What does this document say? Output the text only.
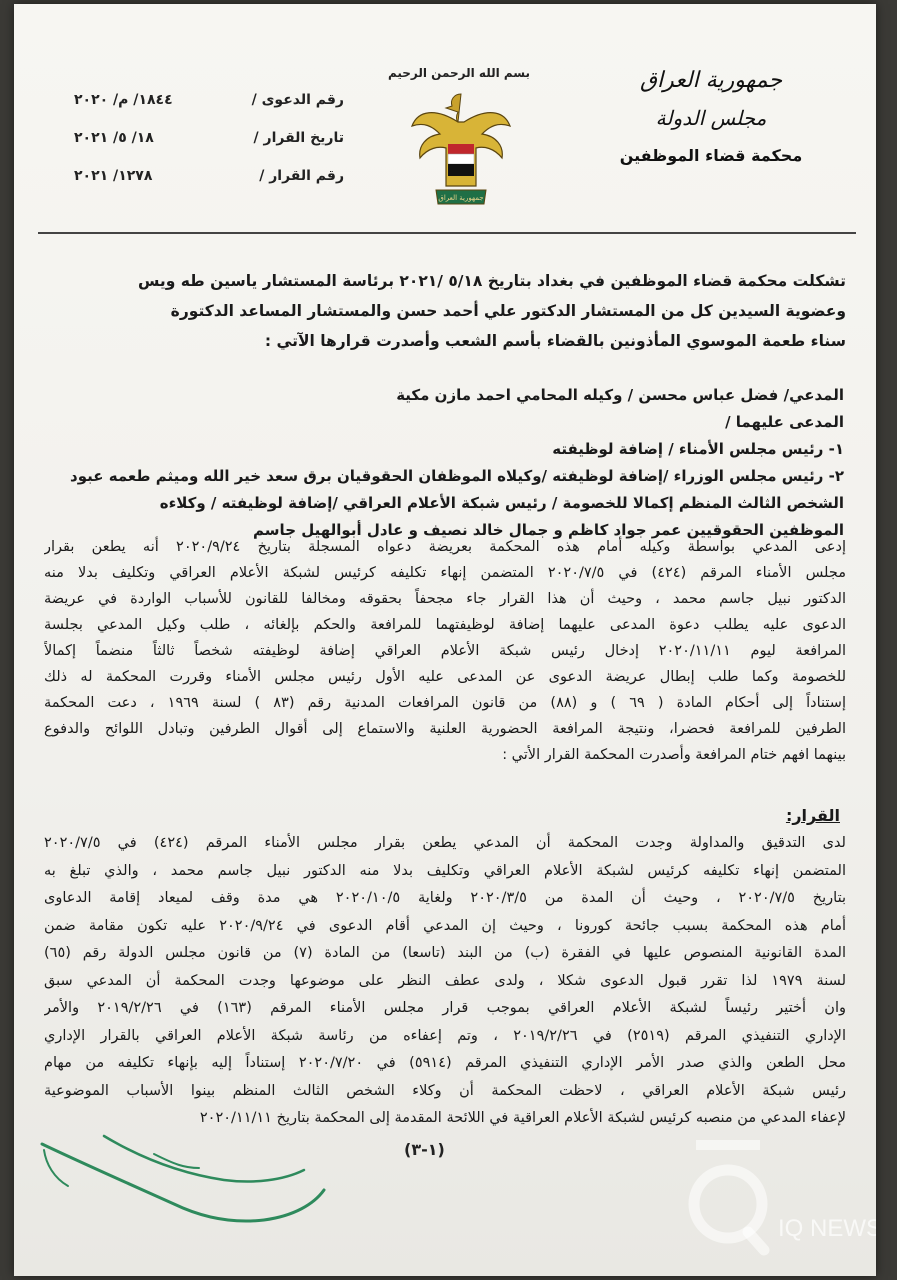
جمهورية العراق
مجلس الدولة
محكمة قضاء الموظفين
بسم الله الرحمن الرحيم
جمهورية العراق
رقم الدعوى /
١٨٤٤/ م/ ٢٠٢٠
تاريخ القرار /
١٨/ ٥/ ٢٠٢١
رقم القرار /
١٢٧٨/ ٢٠٢١
تشكلت محكمة قضاء الموظفين في بغداد بتاريخ ٥/١٨ /٢٠٢١ برئاسة المستشار ياسين طه ويس
وعضوية السيدين كل من المستشار الدكتور علي أحمد حسن والمستشار المساعد الدكتورة
سناء طعمة الموسوي المأذونين بالقضاء بأسم الشعب وأصدرت قرارها الآتي :
المدعي/ فضل عباس محسن / وكيله المحامي احمد مازن مكية
المدعى عليهما /
١- رئيس مجلس الأمناء / إضافة لوظيفته
٢- رئيس مجلس الوزراء /إضافة لوظيفته /وكيلاه الموظفان الحقوقيان برق سعد خير الله وميثم طعمه عبود
الشخص الثالث المنظم إكمالا للخصومة / رئيس شبكة الأعلام العراقي /إضافة لوظيفته / وكلاءه
الموظفين الحقوقيين عمر جواد كاظم و جمال خالد نصيف و عادل أبوالهيل جاسم
إدعى المدعي بواسطة وكيله أمام هذه المحكمة بعريضة دعواه المسجلة بتاريخ ٢٠٢٠/٩/٢٤ أنه يطعن بقرار
مجلس الأمناء المرقم (٤٢٤) في ٢٠٢٠/٧/٥ المتضمن إنهاء تكليفه كرئيس لشبكة الأعلام العراقي وتكليف بدلا منه
الدكتور نبيل جاسم محمد ، وحيث أن هذا القرار جاء مجحفاً بحقوقه ومخالفا للقانون للأسباب الواردة في عريضة
الدعوى عليه يطلب دعوة المدعى عليهما إضافة لوظيفتهما للمرافعة والحكم بإلغائه ، طلب وكيل المدعي بجلسة
المرافعة ليوم ٢٠٢٠/١١/١١ إدخال رئيس شبكة الأعلام العراقي إضافة لوظيفته شخصاً ثالثاً منضماً إكمالاً
للخصومة وكما طلب إبطال عريضة الدعوى عن المدعى عليه الأول رئيس مجلس الأمناء وقررت المحكمة له ذلك
إستناداً إلى أحكام المادة ( ٦٩ ) و (٨٨) من قانون المرافعات المدنية رقم (٨٣ ) لسنة ١٩٦٩ ، دعت المحكمة
الطرفين للمرافعة فحضرا، ونتيجة المرافعة الحضورية العلنية والاستماع إلى أقوال الطرفين وتبادل اللوائح والدفوع
بينهما افهم ختام المرافعة وأصدرت المحكمة القرار الأتي :
القرار:
لدى التدقيق والمداولة وجدت المحكمة أن المدعي يطعن بقرار مجلس الأمناء المرقم (٤٢٤) في ٢٠٢٠/٧/٥
المتضمن إنهاء تكليفه كرئيس لشبكة الأعلام العراقي وتكليف بدلا منه الدكتور نبيل جاسم محمد ، والذي تبلغ به
بتاريخ ٢٠٢٠/٧/٥ ، وحيث أن المدة من ٢٠٢٠/٣/٥ ولغاية ٢٠٢٠/١٠/٥ هي مدة وقف لميعاد إقامة الدعاوى
أمام هذه المحكمة بسبب جائحة كورونا ، وحيث إن المدعي أقام الدعوى في ٢٠٢٠/٩/٢٤ عليه تكون مقامة ضمن
المدة القانونية المنصوص عليها في الفقرة (ب) من البند (تاسعا) من المادة (٧) من قانون مجلس الدولة رقم (٦٥)
لسنة ١٩٧٩ لذا تقرر قبول الدعوى شكلا ، ولدى عطف النظر على موضوعها وجدت المحكمة أن المدعي سبق
وان أختير رئيساً لشبكة الأعلام العراقي بموجب قرار مجلس الأمناء المرقم (١٦٣) في ٢٠١٩/٢/٢٦ والأمر
الإداري التنفيذي المرقم (٢٥١٩) في ٢٠١٩/٢/٢٦ ، وتم إعفاءه من رئاسة شبكة الأعلام العراقي بالقرار الإداري
محل الطعن والذي صدر الأمر الإداري التنفيذي المرقم (٥٩١٤) في ٢٠٢٠/٧/٢٠ إستناداً إليه بإنهاء تكليفه من مهام
رئيس شبكة الأعلام العراقي ، لاحظت المحكمة أن وكلاء الشخص الثالث المنظم بينوا الأسباب الموضوعية
لإعفاء المدعي من منصبه كرئيس لشبكة الأعلام العراقية في اللائحة المقدمة إلى المحكمة بتاريخ ٢٠٢٠/١١/١١
(١-٣)
IQ NEWS
